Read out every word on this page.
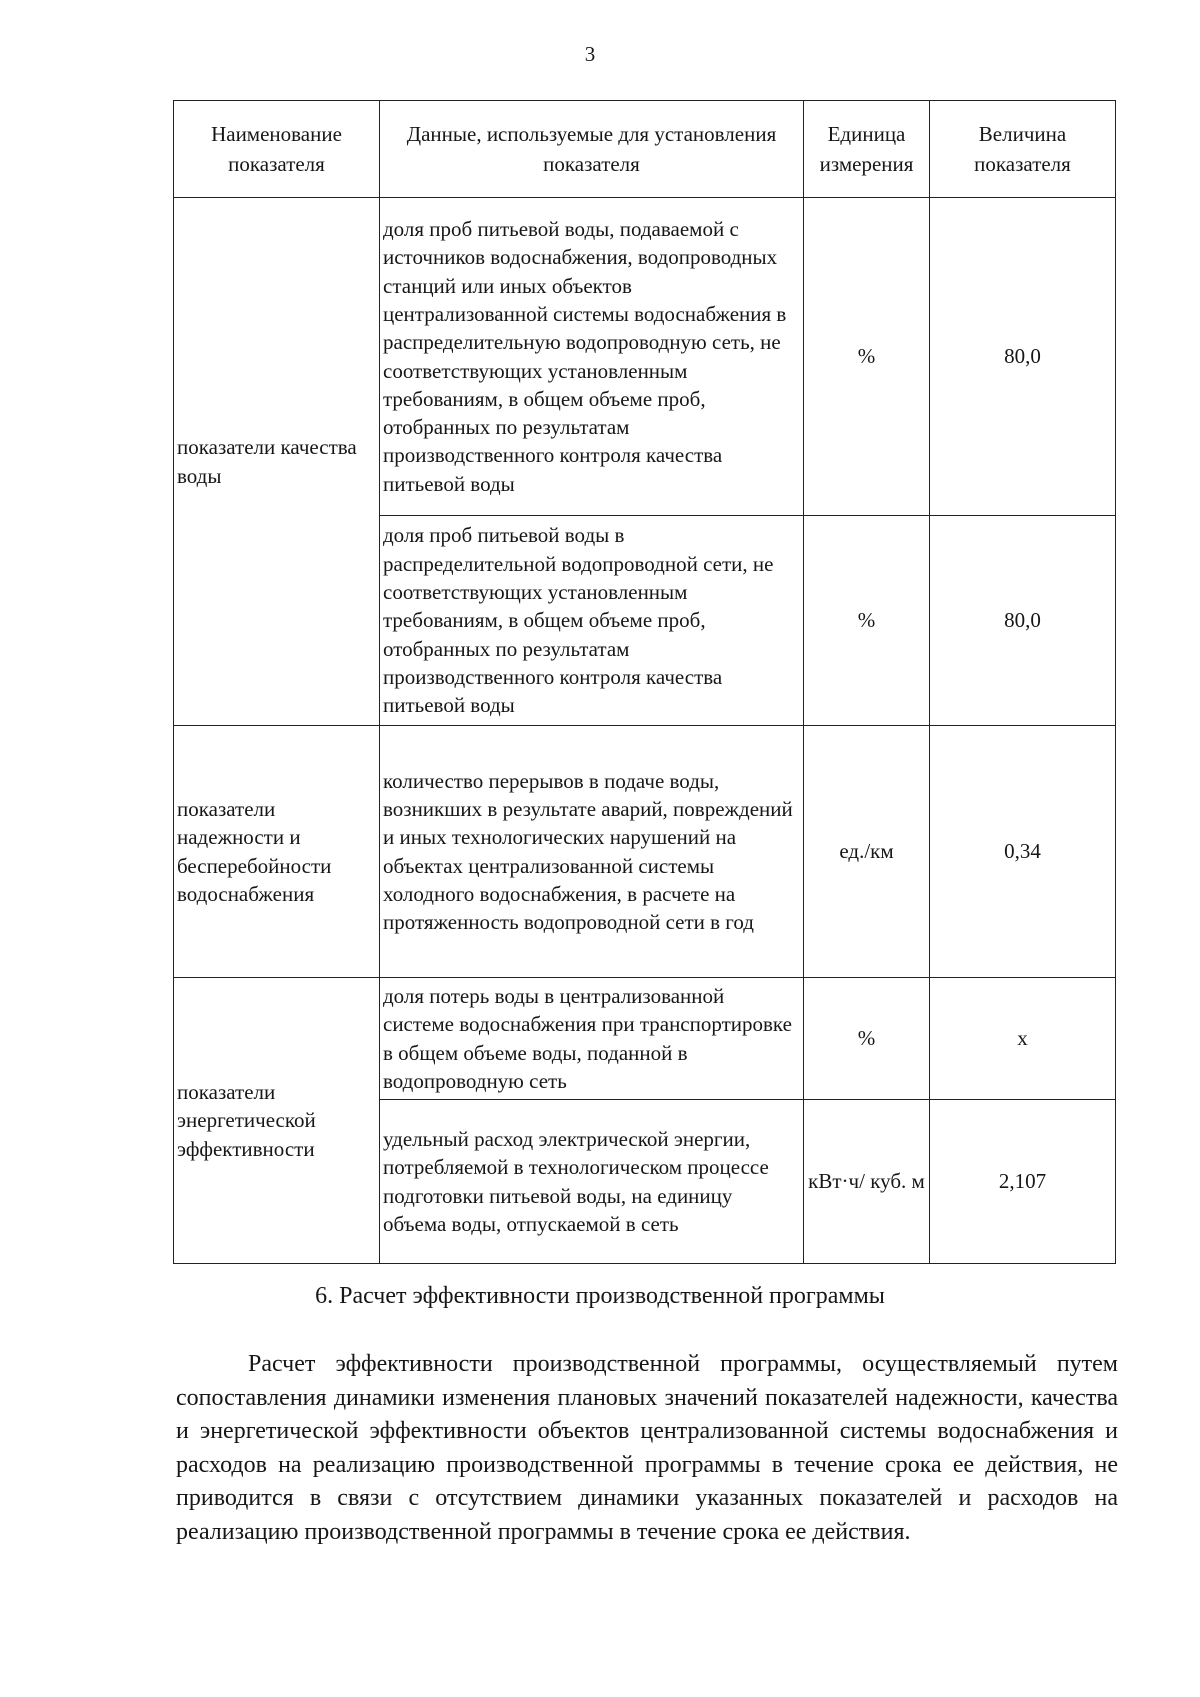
3
Наименование показателя	Данные, используемые для установления показателя	Единица измерения	Величина показателя
показатели качества воды	доля проб питьевой воды, подаваемой с источников водоснабжения, водопроводных станций или иных объектов централизованной системы водоснабжения в распределительную водопроводную сеть, не соответствующих установленным требованиям, в общем объеме проб, отобранных по результатам производственного контроля качества питьевой воды	%	80,0

	доля проб питьевой воды в распределительной водопроводной сети, не соответствующих установленным требованиям, в общем объеме проб, отобранных по результатам производственного контроля качества питьевой воды	%	80,0
показатели надежности и бесперебойности водоснабжения	количество перерывов в подаче воды, возникших в результате аварий, повреждений и иных технологических нарушений на объектах централизованной системы холодного водоснабжения, в расчете на протяженность водопроводной сети в год	ед./км	0,34
показатели энергетической эффективности	доля потерь воды в централизованной системе водоснабжения при транспортировке в общем объеме воды, поданной в водопроводную сеть	%	х

	удельный расход электрической энергии, потребляемой в технологическом процессе подготовки питьевой воды, на единицу объема воды, отпускаемой в сеть	кВт·ч/ куб. м	2,107
6. Расчет эффективности производственной программы

Расчет эффективности производственной программы, осуществляемый путем сопоставления динамики изменения плановых значений показателей надежности, качества и энергетической эффективности объектов централизованной системы водоснабжения и расходов на реализацию производственной программы в течение срока ее действия, не приводится в связи с отсутствием динамики указанных показателей и расходов на реализацию производственной программы в течение срока ее действия.
